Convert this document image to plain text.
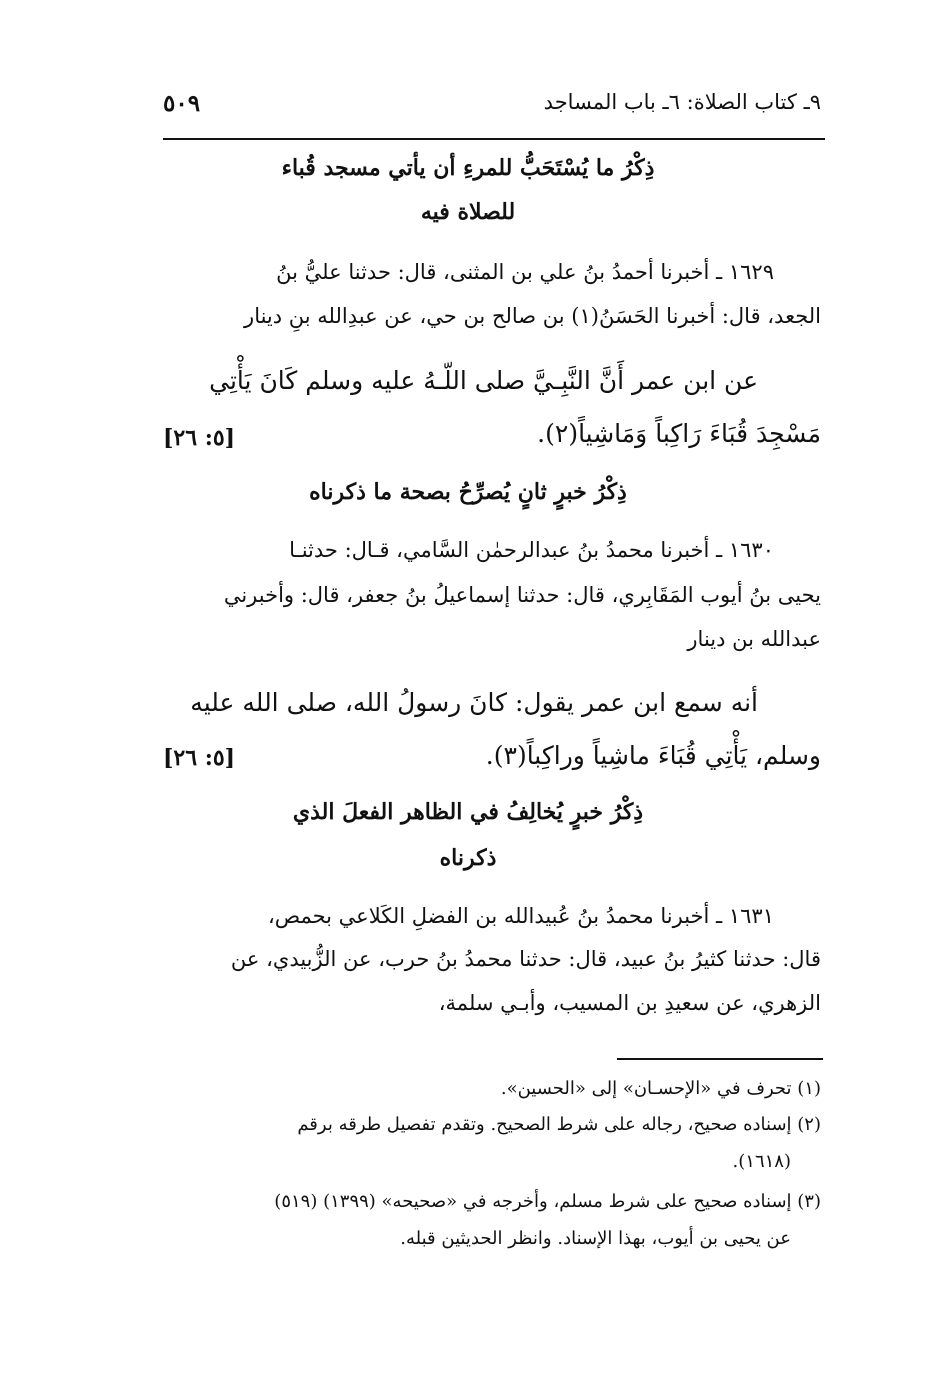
٩ـ كتاب الصلاة: ٦ـ باب المساجد
٥٠٩
ذِكْرُ ما يُسْتَحَبُّ للمرءِ أن يأتي مسجد قُباء
للصلاة فيه
١٦٢٩ ـ أخبرنا أحمدُ بنُ علي بن المثنى، قال: حدثنا عليُّ بنُ
الجعد، قال: أخبرنا الحَسَنُ(١) بن صالح بن حي، عن عبدِالله بنِ دينار
عن ابن عمر أَنَّ النَّبِـيَّ صلى اللّـهُ عليه وسلم كَانَ يَأْتِي
مَسْجِدَ قُبَاءَ رَاكِباً وَمَاشِياً(٢).
[٥: ٢٦]
ذِكْرُ خبرٍ ثانٍ يُصرِّحُ بصحة ما ذكرناه
١٦٣٠ ـ أخبرنا محمدُ بنُ عبدالرحمٰن السَّامي، قـال: حدثنـا
يحيى بنُ أيوب المَقَابِري، قال: حدثنا إسماعيلُ بنُ جعفر، قال: وأخبرني
عبدالله بن دينار
أنه سمع ابن عمر يقول: كانَ رسولُ الله، صلى الله عليه
وسلم، يَأْتِي قُبَاءَ ماشِياً وراكِباً(٣).
[٥: ٢٦]
ذِكْرُ خبرٍ يُخالِفُ في الظاهر الفعلَ الذي
ذكرناه
١٦٣١ ـ أخبرنا محمدُ بنُ عُبيدالله بن الفضلِ الكَلاعي بحمص،
قال: حدثنا كثيرُ بنُ عبيد، قال: حدثنا محمدُ بنُ حرب، عن الزُّبيدي، عن
الزهري، عن سعيدِ بن المسيب، وأبـي سلمة،
(١) تحرف في «الإحسـان» إلى «الحسين».
(٢) إسناده صحيح، رجاله على شرط الصحيح. وتقدم تفصيل طرقه برقم
(١٦١٨).
(٣) إسناده صحيح على شرط مسلم، وأخرجه في «صحيحه» (١٣٩٩) (٥١٩)
عن يحيى بن أيوب، بهذا الإسناد. وانظر الحديثين قبله.
